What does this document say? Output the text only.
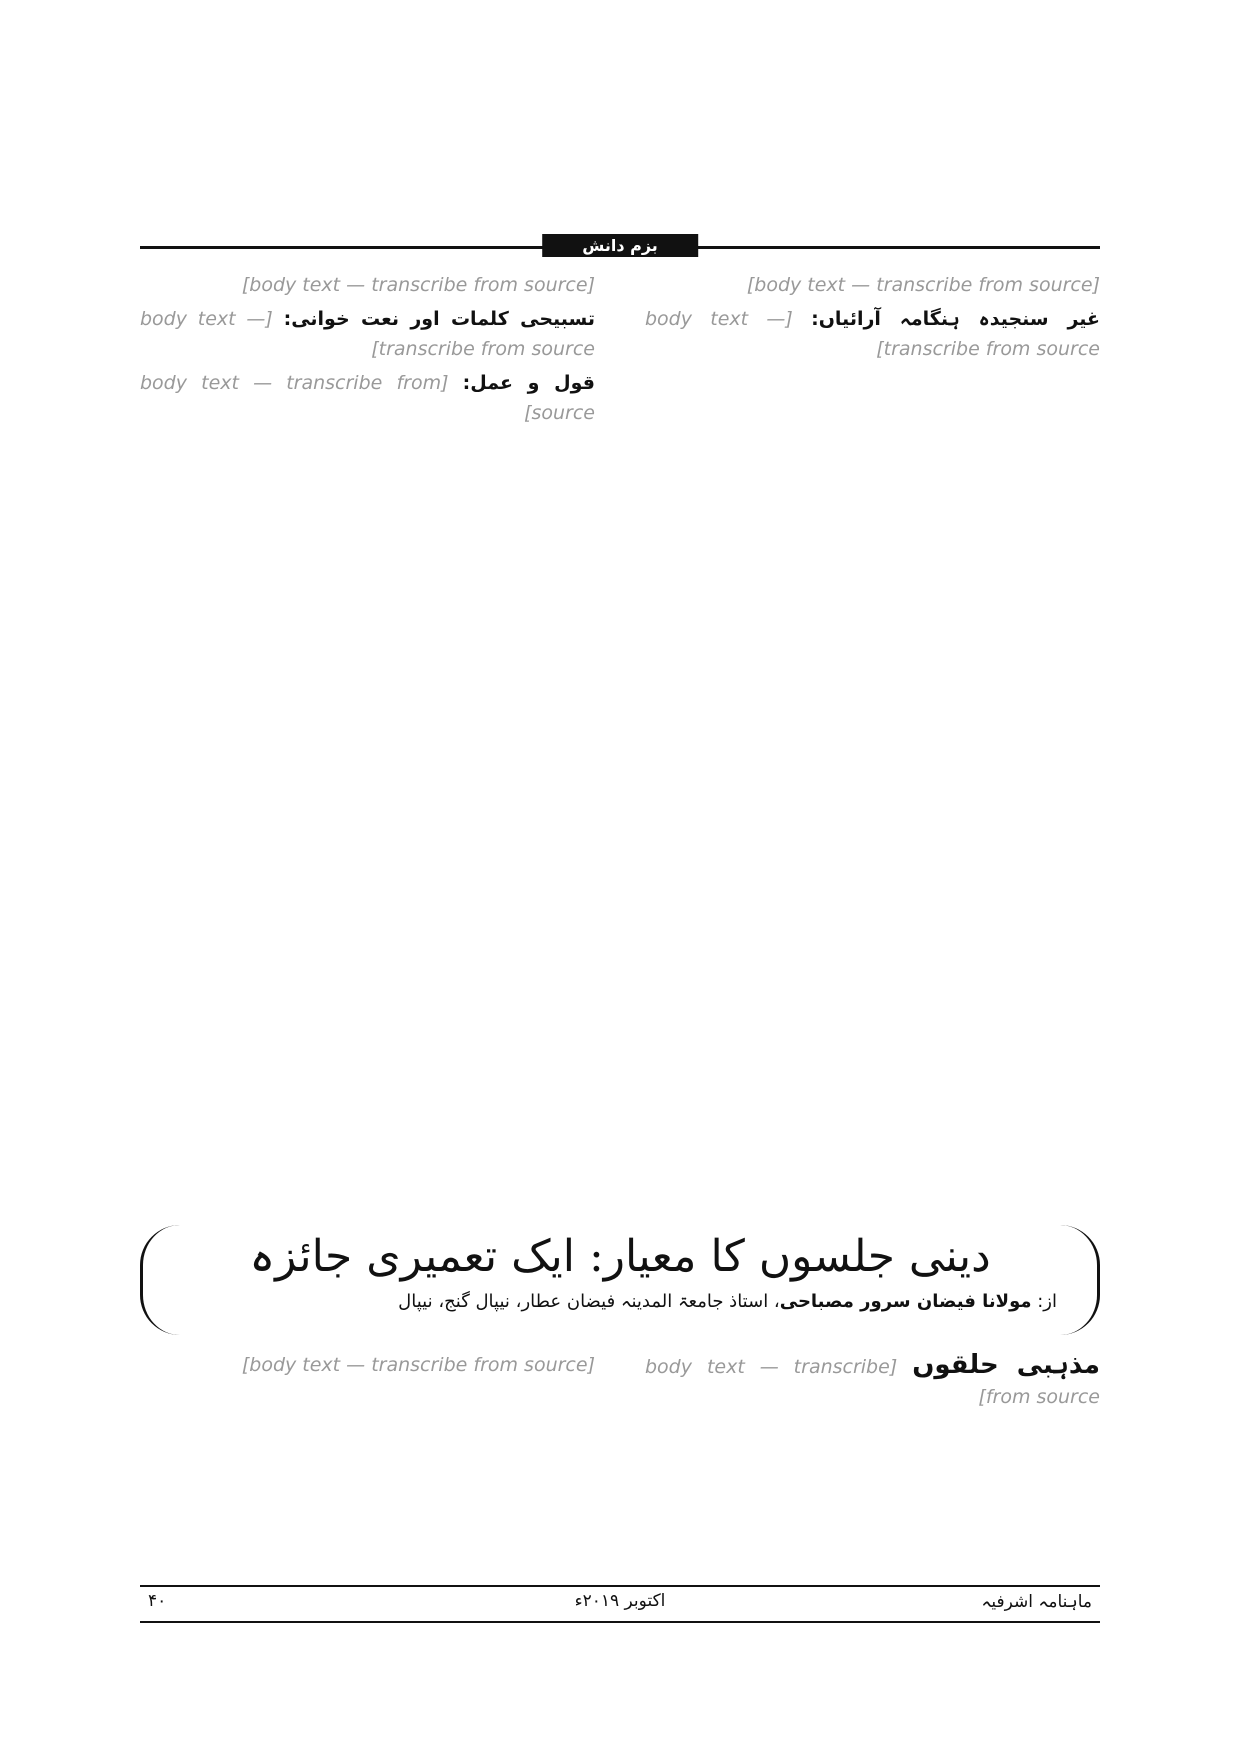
بزم دانش

[body text — transcribe from source]

غیر سنجیدہ ہنگامہ آرائیاں: [body text — transcribe from source]

[body text — transcribe from source]

تسبیحی کلمات اور نعت خوانی: [body text — transcribe from source]

قول و عمل: [body text — transcribe from source]

دینی جلسوں کا معیار: ایک تعمیری جائزہ
از: مولانا فیضان سرور مصباحی، استاذ جامعۃ المدینہ فیضان عطار، نیپال گنج، نیپال
مذہبی حلقوں [body text — transcribe from source]
[body text — transcribe from source]
ماہنامہ اشرفیہ
اکتوبر ۲۰۱۹ء
۴۰
